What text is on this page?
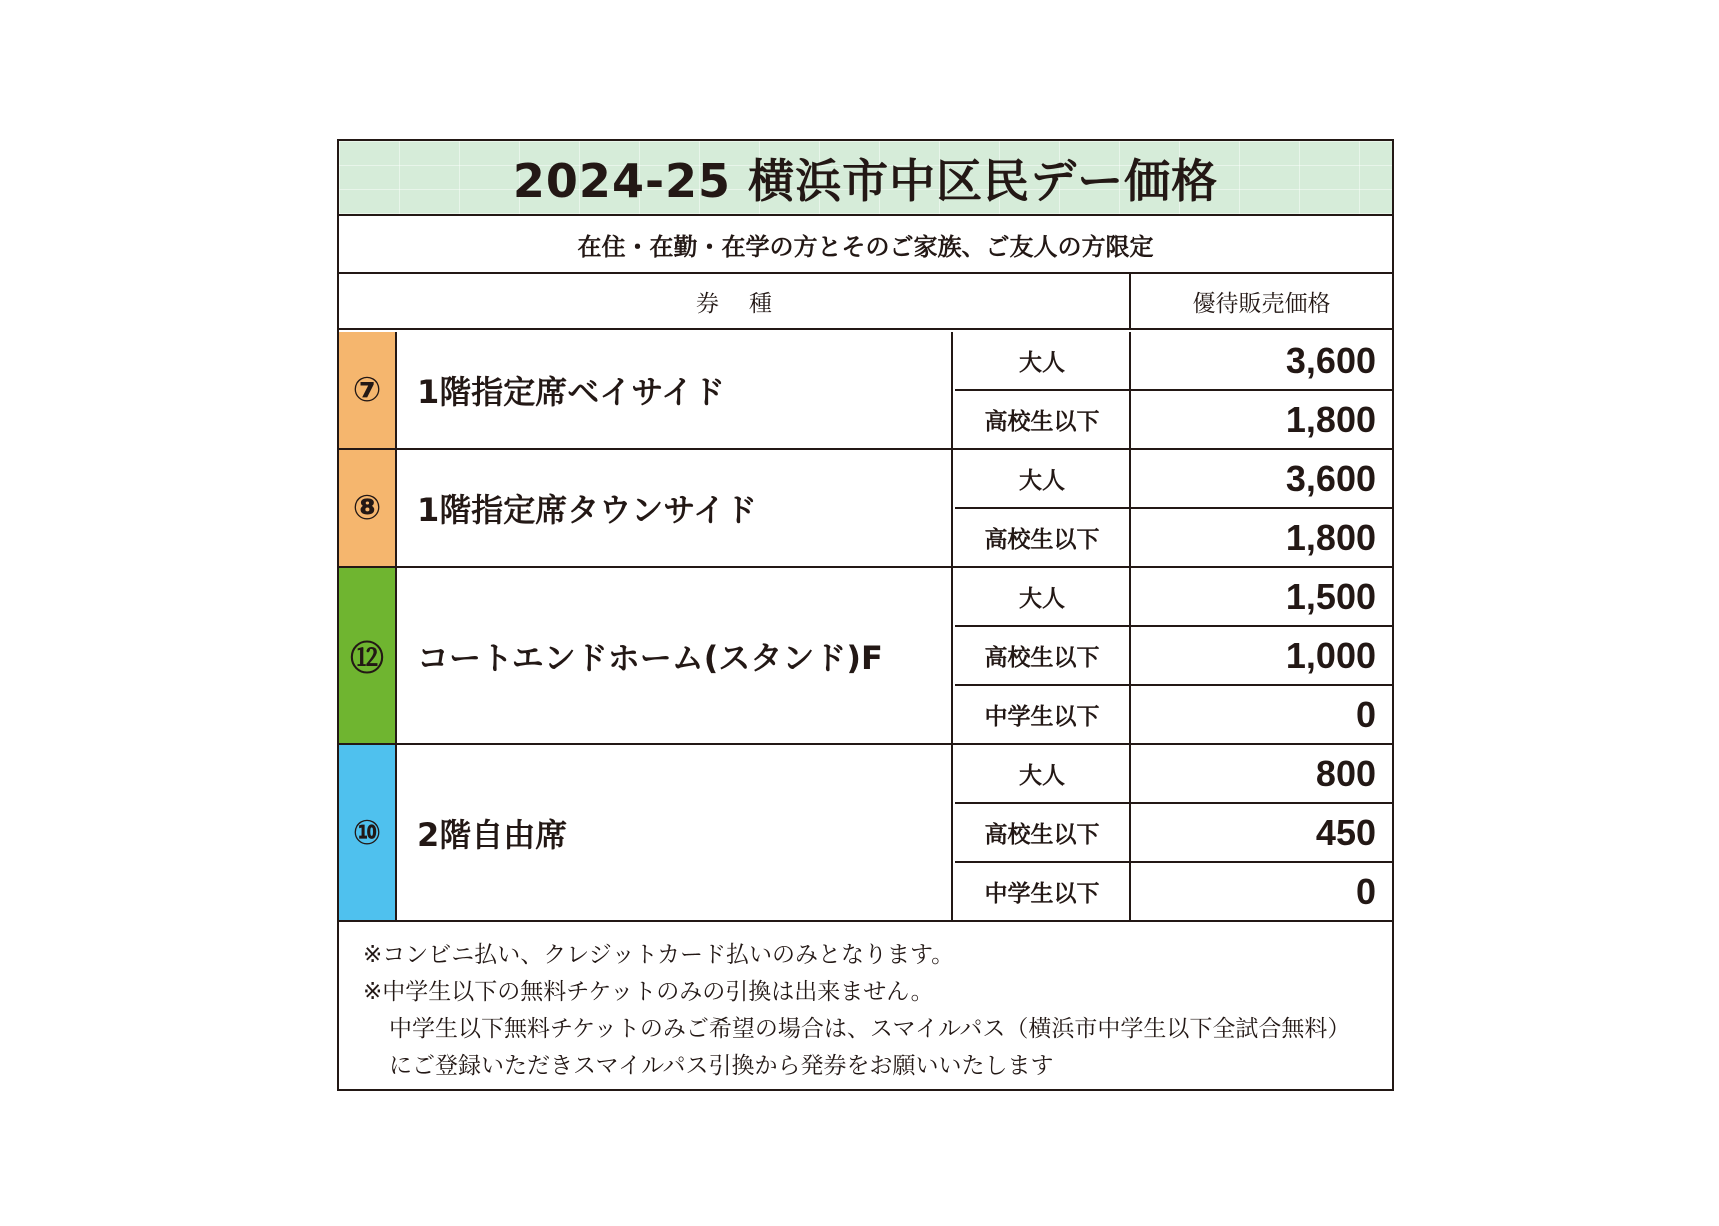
2024-25 横浜市中区民デー価格
在住・在勤・在学の方とそのご家族、ご友人の方限定
券種	優待販売価格
⑦	1階指定席ベイサイド
大人	3,600
高校生以下	1,800
⑧	1階指定席タウンサイド
大人	3,600
高校生以下	1,800
⑫	コートエンドホーム(スタンド)F
大人	1,500
高校生以下	1,000
中学生以下	0
⑩	2階自由席
大人	800
高校生以下	450
中学生以下	0
※コンビニ払い、クレジットカード払いのみとなります。
※中学生以下の無料チケットのみの引換は出来ません。
中学生以下無料チケットのみご希望の場合は、スマイルパス（横浜市中学生以下全試合無料）
にご登録いただきスマイルパス引換から発券をお願いいたします
